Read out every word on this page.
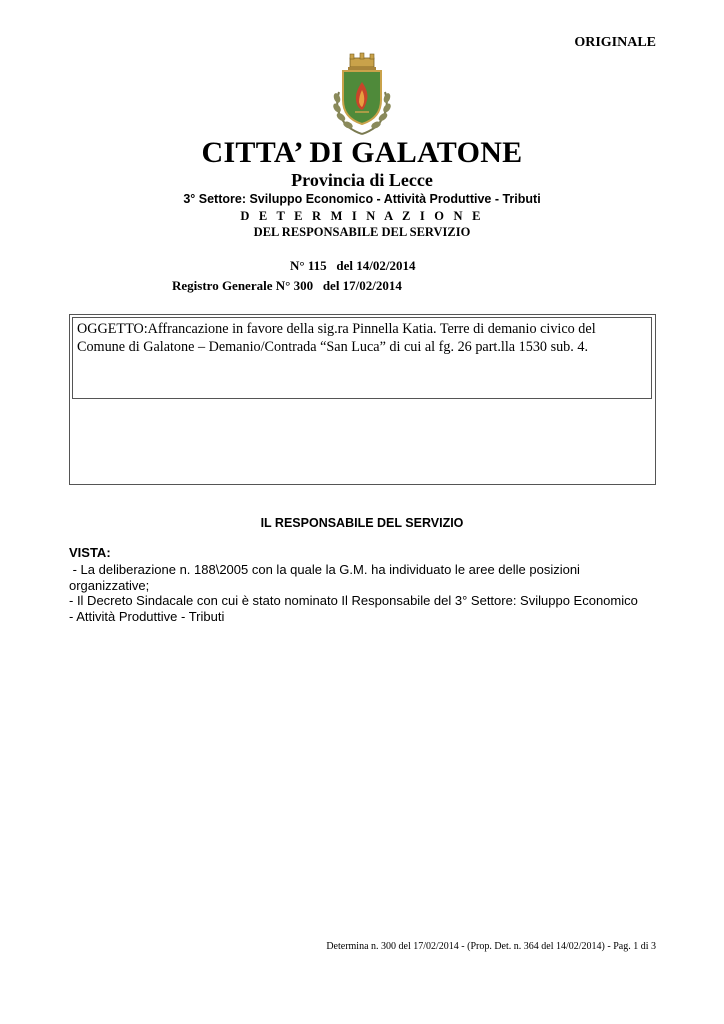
ORIGINALE
CITTA’ DI GALATONE
Provincia di Lecce
3° Settore: Sviluppo Economico - Attività Produttive - Tributi
D E T E R M I N A Z I O N E
DEL RESPONSABILE DEL SERVIZIO
N° 115   del 14/02/2014
Registro Generale N° 300   del 17/02/2014
OGGETTO:Affrancazione in favore della sig.ra Pinnella Katia. Terre di demanio civico del
Comune di Galatone – Demanio/Contrada “San Luca” di cui al fg. 26 part.lla 1530 sub. 4.
IL RESPONSABILE DEL SERVIZIO
VISTA:
- La deliberazione n. 188\2005 con la quale la G.M. ha individuato le aree delle posizioni
organizzative;
- Il Decreto Sindacale con cui è stato nominato Il Responsabile del 3° Settore: Sviluppo Economico
- Attività Produttive - Tributi
Determina n. 300 del 17/02/2014 - (Prop. Det. n. 364 del 14/02/2014) - Pag. 1 di 3
